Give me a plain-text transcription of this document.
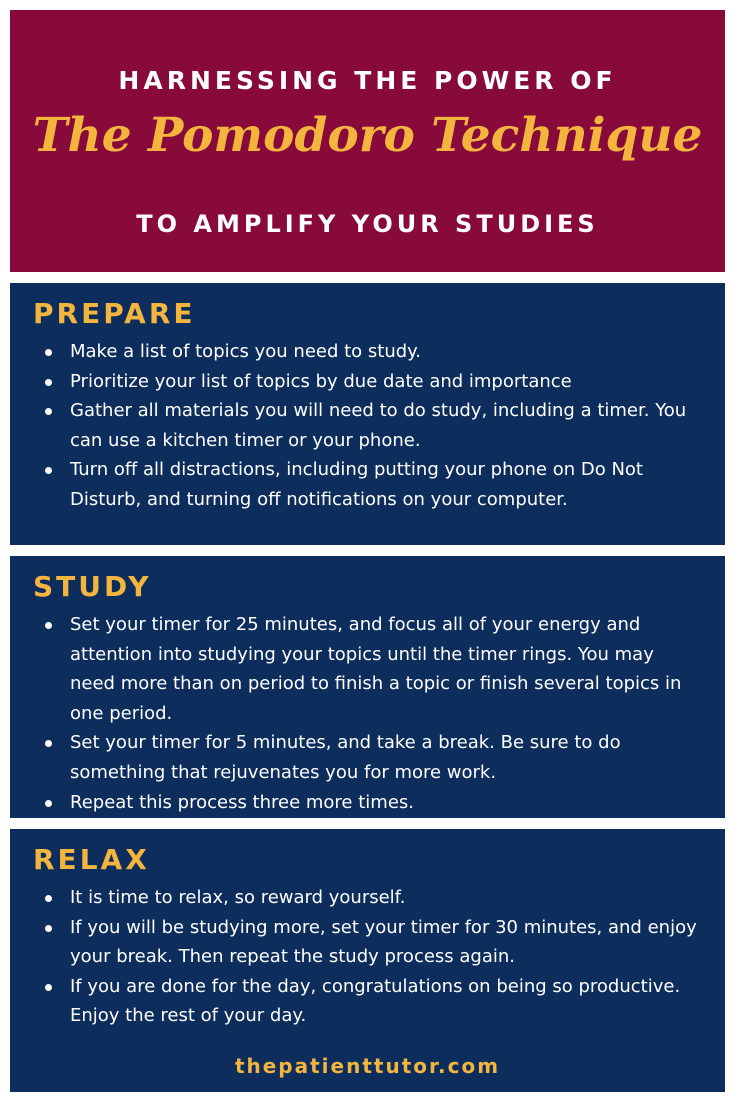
HARNESSING THE POWER OF
The Pomodoro Technique
TO AMPLIFY YOUR STUDIES
PREPARE
Make a list of topics you need to study.
Prioritize your list of topics by due date and importance
Gather all materials you will need to do study, including a timer. You can use a kitchen timer or your phone.
Turn off all distractions, including putting your phone on Do Not Disturb, and turning off notifications on your computer.
STUDY
Set your timer for 25 minutes, and focus all of your energy and attention into studying your topics until the timer rings. You may need more than on period to finish a topic or finish several topics in one period.
Set your timer for 5 minutes, and take a break. Be sure to do something that rejuvenates you for more work.
Repeat this process three more times.
RELAX
It is time to relax, so reward yourself.
If you will be studying more, set your timer for 30 minutes, and enjoy your break. Then repeat the study process again.
If you are done for the day, congratulations on being so productive. Enjoy the rest of your day.
thepatienttutor.com
